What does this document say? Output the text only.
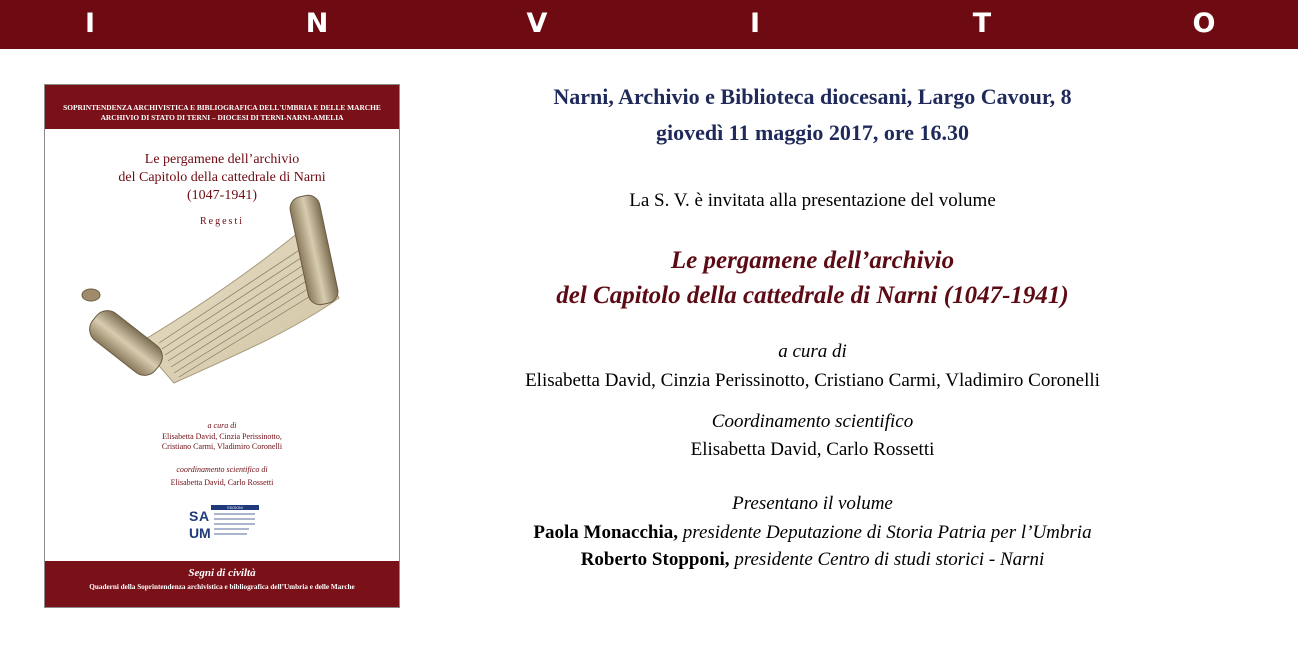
I	N	V	I	T	O
SOPRINTENDENZA ARCHIVISTICA E BIBLIOGRAFICA DELL'UMBRIA E DELLE MARCHE
ARCHIVIO DI STATO DI TERNI – DIOCESI DI TERNI-NARNI-AMELIA
Le pergamene dell’archivio
del Capitolo della cattedrale di Narni
(1047-1941)
Regesti
a cura di
Elisabetta David, Cinzia Perissinotto,
Cristiano Carmi, Vladimiro Coronelli
coordinamento scientifico di
Elisabetta David, Carlo Rossetti
EDIZIONI
S A
U M
Segni di civiltà
Quaderni della Soprintendenza archivistica e bibliografica dell’Umbria e delle Marche
Narni, Archivio e Biblioteca diocesani, Largo Cavour, 8
giovedì 11 maggio 2017, ore 16.30
La S. V. è invitata alla presentazione del volume
Le pergamene dell’archivio
del Capitolo della cattedrale di Narni (1047-1941)
a cura di
Elisabetta David, Cinzia Perissinotto, Cristiano Carmi, Vladimiro Coronelli
Coordinamento scientifico
Elisabetta David, Carlo Rossetti
Presentano il volume
Paola Monacchia, presidente Deputazione di Storia Patria per l’Umbria
Roberto Stopponi, presidente Centro di studi storici - Narni
